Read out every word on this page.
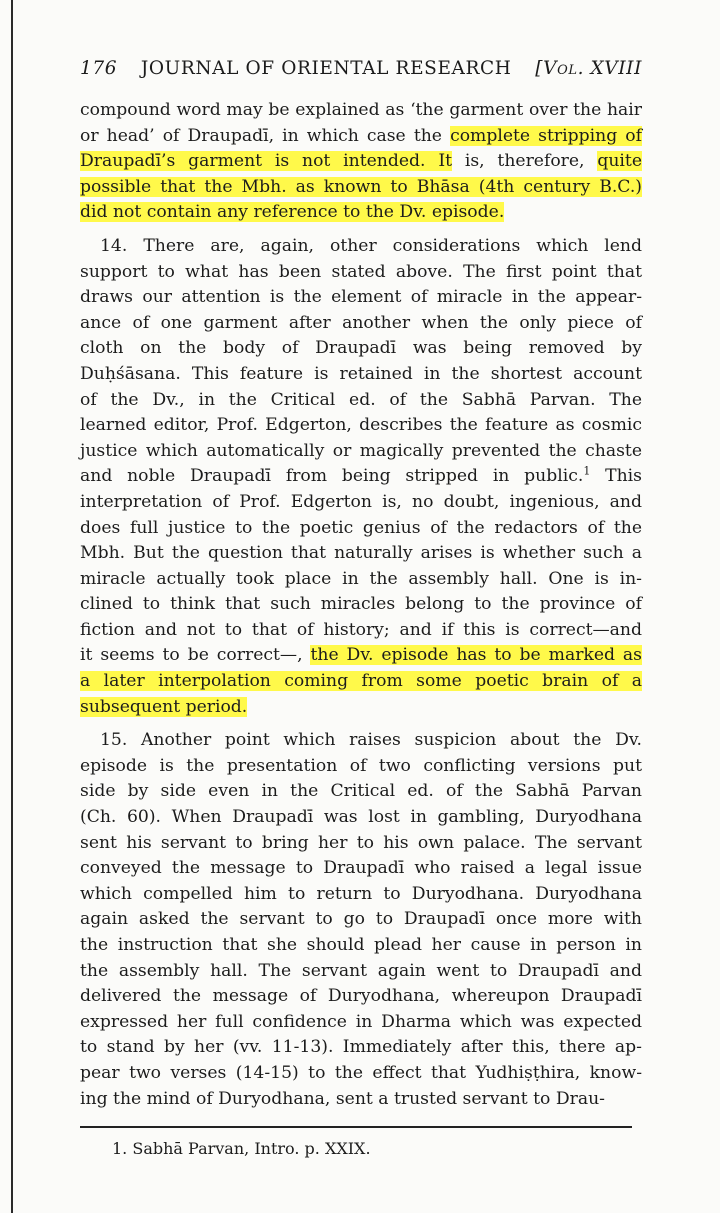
176 JOURNAL OF ORIENTAL RESEARCH [Vol. XVIII

compound word may be explained as ‘the garment over the hair
or head’ of Draupadī, in which case the complete stripping of
Draupadī’s garment is not intended. It is, therefore, quite
possible that the Mbh. as known to Bhāsa (4th century B.C.)
did not contain any reference to the Dv. episode.

14. There are, again, other considerations which lend
support to what has been stated above. The first point that
draws our attention is the element of miracle in the appear-
ance of one garment after another when the only piece of
cloth on the body of Draupadī was being removed by
Duḥśāsana. This feature is retained in the shortest account
of the Dv., in the Critical ed. of the Sabhā Parvan. The
learned editor, Prof. Edgerton, describes the feature as cosmic
justice which automatically or magically prevented the chaste
and noble Draupadī from being stripped in public.$^1$ This
interpretation of Prof. Edgerton is, no doubt, ingenious, and
does full justice to the poetic genius of the redactors of the
Mbh. But the question that naturally arises is whether such a
miracle actually took place in the assembly hall. One is in-
clined to think that such miracles belong to the province of
fiction and not to that of history; and if this is correct—and
it seems to be correct—, the Dv. episode has to be marked as
a later interpolation coming from some poetic brain of a
subsequent period.

15. Another point which raises suspicion about the Dv.
episode is the presentation of two conflicting versions put
side by side even in the Critical ed. of the Sabhā Parvan
(Ch. 60). When Draupadī was lost in gambling, Duryodhana
sent his servant to bring her to his own palace. The servant
conveyed the message to Draupadī who raised a legal issue
which compelled him to return to Duryodhana. Duryodhana
again asked the servant to go to Draupadī once more with
the instruction that she should plead her cause in person in
the assembly hall. The servant again went to Draupadī and
delivered the message of Duryodhana, whereupon Draupadī
expressed her full confidence in Dharma which was expected
to stand by her (vv. 11-13). Immediately after this, there ap-
pear two verses (14-15) to the effect that Yudhiṣṭhira, know-
ing the mind of Duryodhana, sent a trusted servant to Drau-

1. Sabhā Parvan, Intro. p. XXIX.
